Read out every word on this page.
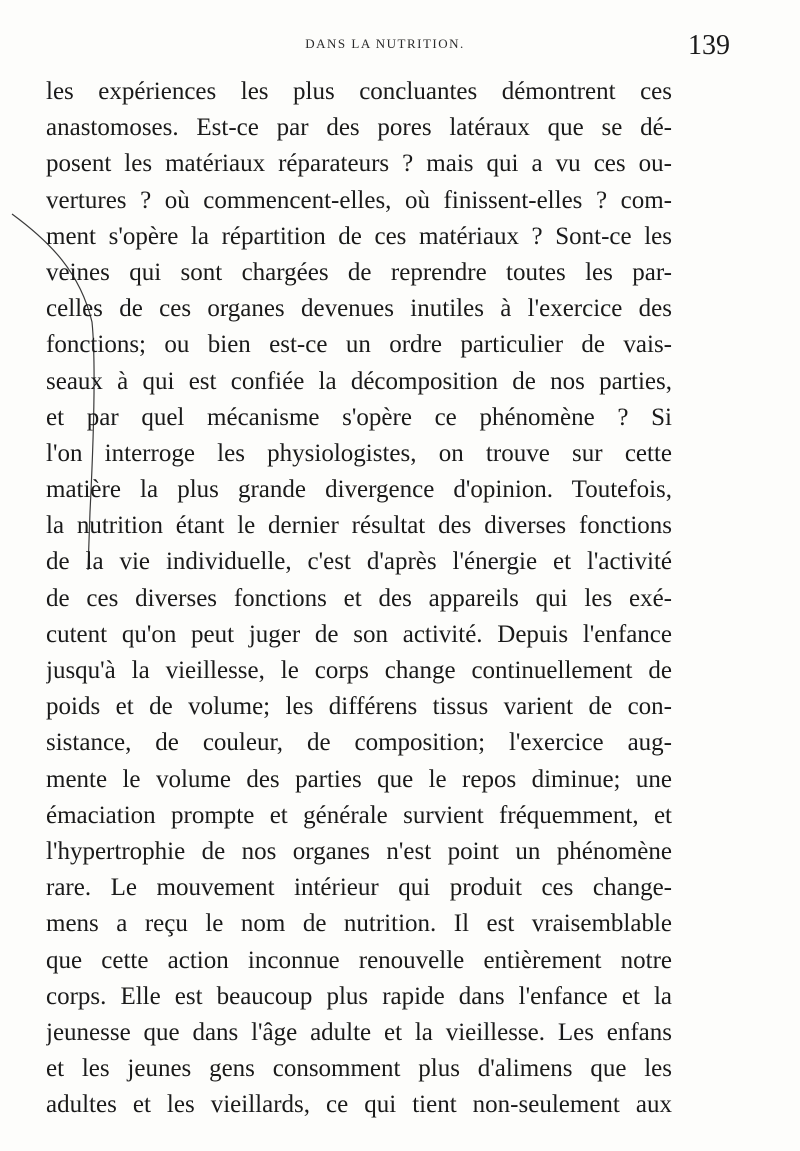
DANS LA NUTRITION.	139
les expériences les plus concluantes démontrent ces
anastomoses. Est-ce par des pores latéraux que se dé-
posent les matériaux réparateurs ? mais qui a vu ces ou-
vertures ? où commencent-elles, où finissent-elles ? com-
ment s'opère la répartition de ces matériaux ? Sont-ce les
veines qui sont chargées de reprendre toutes les par-
celles de ces organes devenues inutiles à l'exercice des
fonctions; ou bien est-ce un ordre particulier de vais-
seaux à qui est confiée la décomposition de nos parties,
et par quel mécanisme s'opère ce phénomène ? Si
l'on interroge les physiologistes, on trouve sur cette
matière la plus grande divergence d'opinion. Toutefois,
la nutrition étant le dernier résultat des diverses fonctions
de la vie individuelle, c'est d'après l'énergie et l'activité
de ces diverses fonctions et des appareils qui les exé-
cutent qu'on peut juger de son activité. Depuis l'enfance
jusqu'à la vieillesse, le corps change continuellement de
poids et de volume; les différens tissus varient de con-
sistance, de couleur, de composition; l'exercice aug-
mente le volume des parties que le repos diminue; une
émaciation prompte et générale survient fréquemment, et
l'hypertrophie de nos organes n'est point un phénomène
rare. Le mouvement intérieur qui produit ces change-
mens a reçu le nom de nutrition. Il est vraisemblable
que cette action inconnue renouvelle entièrement notre
corps. Elle est beaucoup plus rapide dans l'enfance et la
jeunesse que dans l'âge adulte et la vieillesse. Les enfans
et les jeunes gens consomment plus d'alimens que les
adultes et les vieillards, ce qui tient non-seulement aux
